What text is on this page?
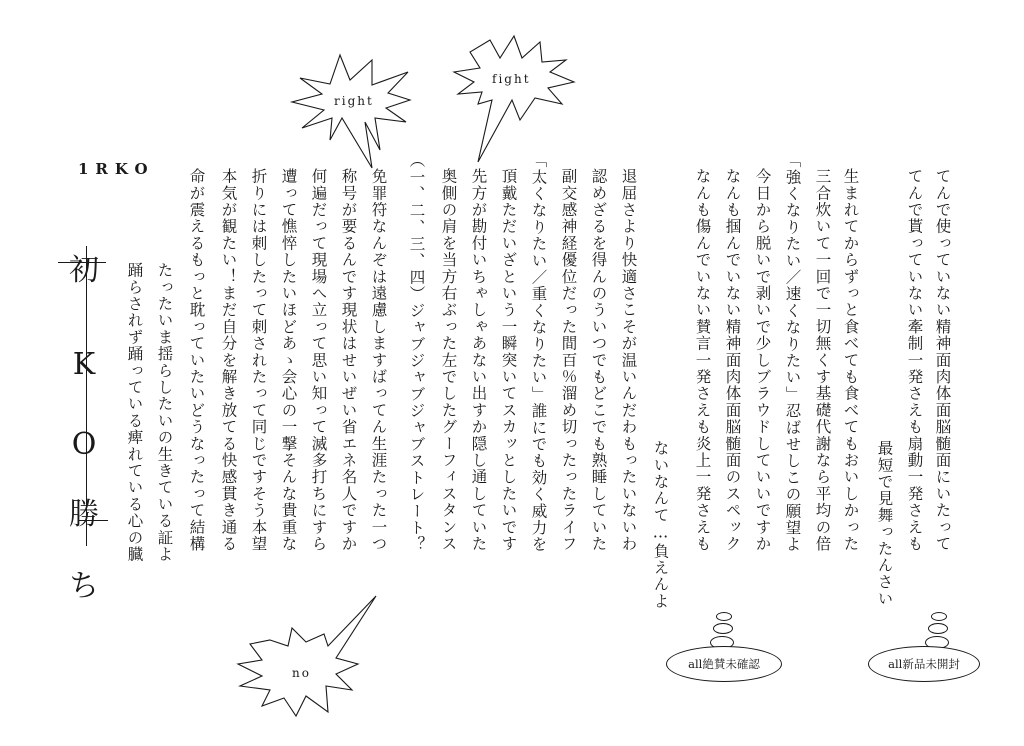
right
fight
no
1RKO
初
K
O
勝
ち
てんで使っていない精神面肉体面脳髄面にいたって
てんで貰っていない牽制一発さえも扇動一発さえも
最短で見舞ったんさい
生まれてからずっと食べても食べてもおいしかった
三合炊いて一回で一切無くす基礎代謝なら平均の倍
「強くなりたい／速くなりたい」忍ばせしこの願望よ
今日から脱いで剥いで少しブラウドしていいですか
なんも掴んでいない精神面肉体面脳髄面のスペック
なんも傷んでいない賛言一発さえも炎上一発さえも
ないなんて…負えんよ
退屈さより快適さこそが温いんだわもったいないわ
認めざるを得んのういつでもどこでも熟睡していた
副交感神経優位だった間百％溜め切ったったライフ
「太くなりたい／重くなりたい」誰にでも効く威力を
頂戴ただいざという一瞬突いてスカッとしたいです
先方が勘付いちゃしゃあない出すか隠し通していた
奥側の肩を当方右ぶった左でしたグーフィスタンス
（一、二、三、四）ジャブジャブジャブストレート？
免罪符なんぞは遠慮しますばってん生涯たった一つ
称号が要るんです現状はせいぜい省エネ名人ですか
何遍だって現場へ立って思い知って滅多打ちにすら
遭って憔悴したいほどあゝ会心の一撃そんな貴重な
折りには刺したって刺されたって同じですそう本望
本気が観たい！まだ自分を解き放てる快感貫き通る
命が震えるもっと耽っていたいどうなったって結構
たったいま揺らしたいの生きている証よ
踊らされず踊っている痺れている心の臓
all新品未開封
all絶賛未確認
